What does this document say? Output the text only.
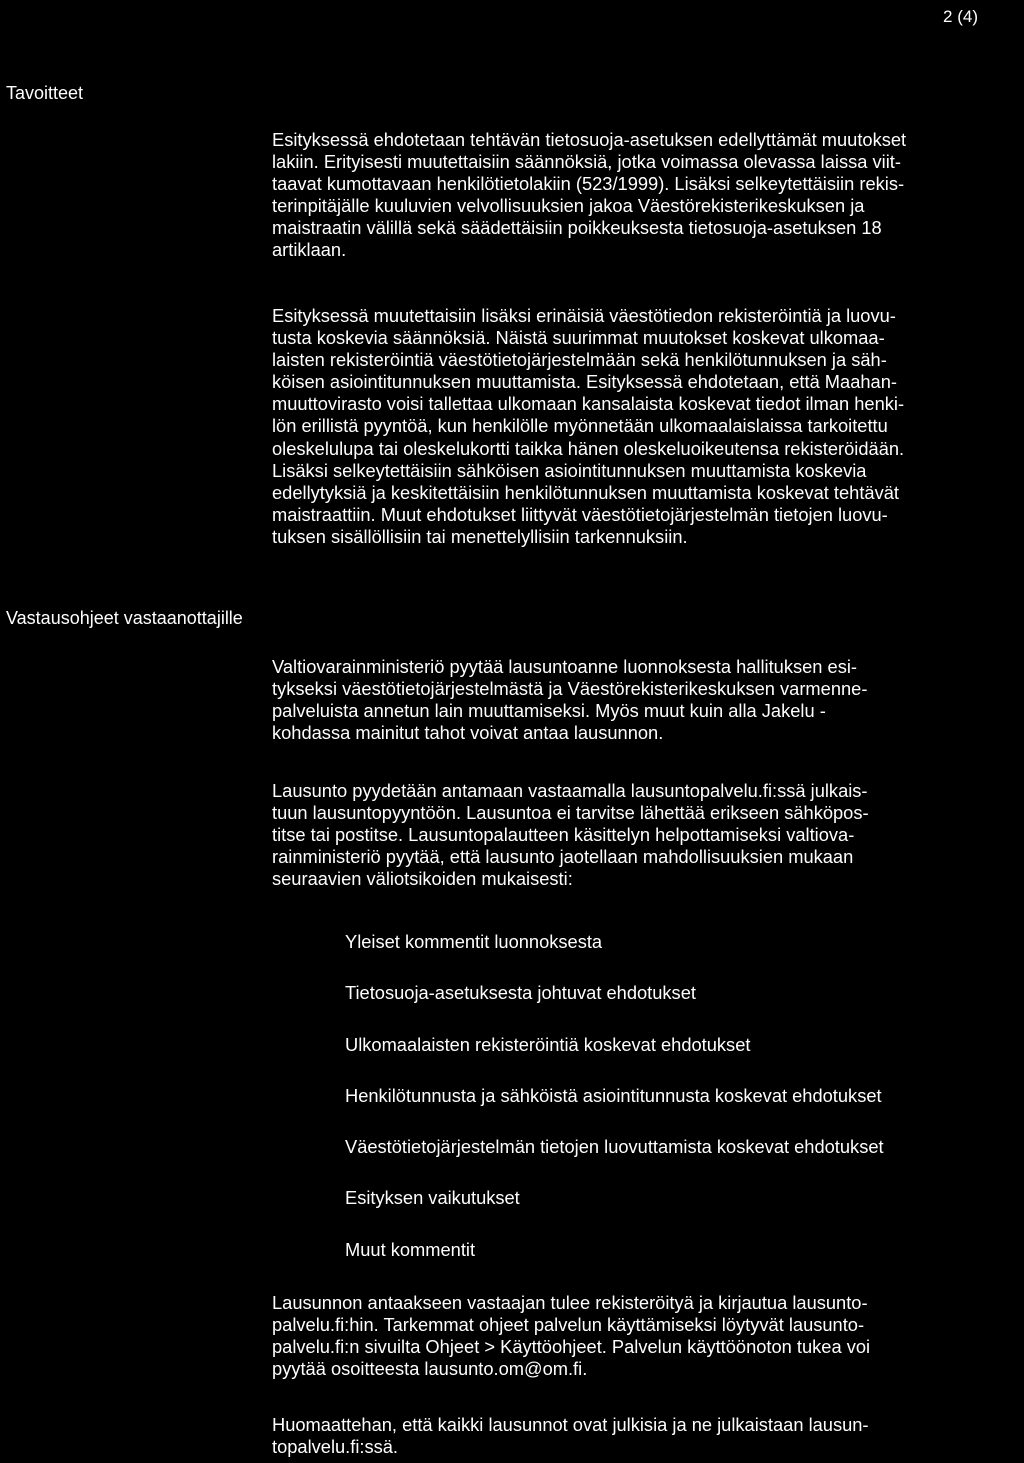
2 (4)
Tavoitteet
Vastausohjeet vastaanottajille

Esityksessä ehdotetaan tehtävän tietosuoja-asetuksen edellyttämät muutokset
lakiin. Erityisesti muutettaisiin säännöksiä, jotka voimassa olevassa laissa viit-
taavat kumottavaan henkilötietolakiin (523/1999). Lisäksi selkeytettäisiin rekis-
terinpitäjälle kuuluvien velvollisuuksien jakoa Väestörekisterikeskuksen ja
maistraatin välillä sekä säädettäisiin poikkeuksesta tietosuoja-asetuksen 18
artiklaan.

Esityksessä muutettaisiin lisäksi erinäisiä väestötiedon rekisteröintiä ja luovu-
tusta koskevia säännöksiä. Näistä suurimmat muutokset koskevat ulkomaa-
laisten rekisteröintiä väestötietojärjestelmään sekä henkilötunnuksen ja säh-
köisen asiointitunnuksen muuttamista. Esityksessä ehdotetaan, että Maahan-
muuttovirasto voisi tallettaa ulkomaan kansalaista koskevat tiedot ilman henki-
lön erillistä pyyntöä, kun henkilölle myönnetään ulkomaalaislaissa tarkoitettu
oleskelulupa tai oleskelukortti taikka hänen oleskeluoikeutensa rekisteröidään.
Lisäksi selkeytettäisiin sähköisen asiointitunnuksen muuttamista koskevia
edellytyksiä ja keskitettäisiin henkilötunnuksen muuttamista koskevat tehtävät
maistraattiin. Muut ehdotukset liittyvät väestötietojärjestelmän tietojen luovu-
tuksen sisällöllisiin tai menettelyllisiin tarkennuksiin.

Valtiovarainministeriö pyytää lausuntoanne luonnoksesta hallituksen esi-
tykseksi väestötietojärjestelmästä ja Väestörekisterikeskuksen varmenne-
palveluista annetun lain muuttamiseksi. Myös muut kuin alla Jakelu -
kohdassa mainitut tahot voivat antaa lausunnon.

Lausunto pyydetään antamaan vastaamalla lausuntopalvelu.fi:ssä julkais-
tuun lausuntopyyntöön. Lausuntoa ei tarvitse lähettää erikseen sähköpos-
titse tai postitse. Lausuntopalautteen käsittelyn helpottamiseksi valtiova-
rainministeriö pyytää, että lausunto jaotellaan mahdollisuuksien mukaan
seuraavien väliotsikoiden mukaisesti:

Yleiset kommentit luonnoksesta
Tietosuoja-asetuksesta johtuvat ehdotukset
Ulkomaalaisten rekisteröintiä koskevat ehdotukset
Henkilötunnusta ja sähköistä asiointitunnusta koskevat ehdotukset
Väestötietojärjestelmän tietojen luovuttamista koskevat ehdotukset
Esityksen vaikutukset
Muut kommentit

Lausunnon antaakseen vastaajan tulee rekisteröityä ja kirjautua lausunto-
palvelu.fi:hin. Tarkemmat ohjeet palvelun käyttämiseksi löytyvät lausunto-
palvelu.fi:n sivuilta Ohjeet > Käyttöohjeet. Palvelun käyttöönoton tukea voi
pyytää osoitteesta lausunto.om@om.fi.

Huomaattehan, että kaikki lausunnot ovat julkisia ja ne julkaistaan lausun-
topalvelu.fi:ssä.
